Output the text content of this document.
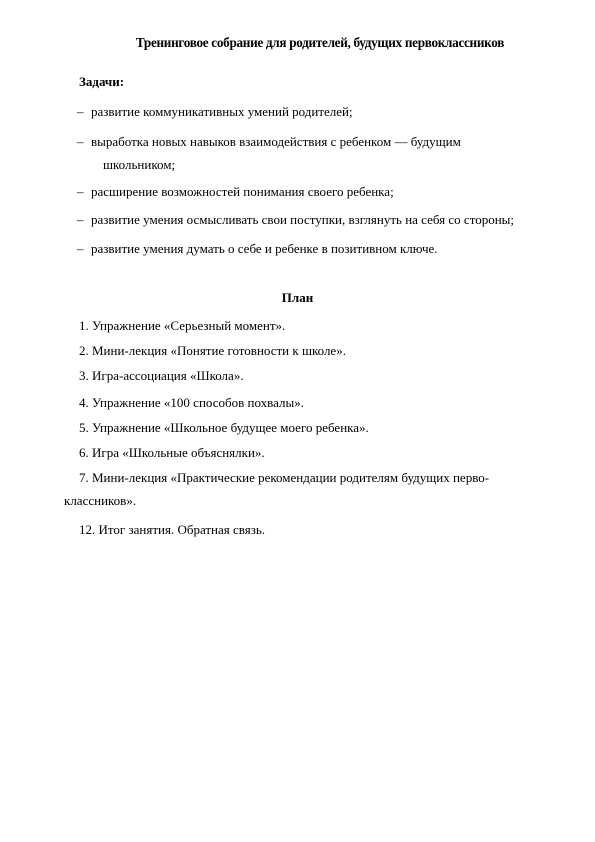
Тренинговое собрание для родителей, будущих первоклассников
Задачи:
– развитие коммуникативных умений родителей;
– выработка новых навыков взаимодействия с ребенком — будущим
школьником;
– расширение возможностей понимания своего ребенка;
– развитие умения осмысливать свои поступки, взглянуть на себя со стороны;
– развитие умения думать о себе и ребенке в позитивном ключе.
План
1. Упражнение «Серьезный момент».
2. Мини-лекция «Понятие готовности к школе».
3. Игра-ассоциация «Школа».
4. Упражнение «100 способов похвалы».
5. Упражнение «Школьное будущее моего ребенка».
6. Игра «Школьные объяснялки».
7. Мини-лекция «Практические рекомендации родителям будущих перво-
классников».
12. Итог занятия. Обратная связь.
